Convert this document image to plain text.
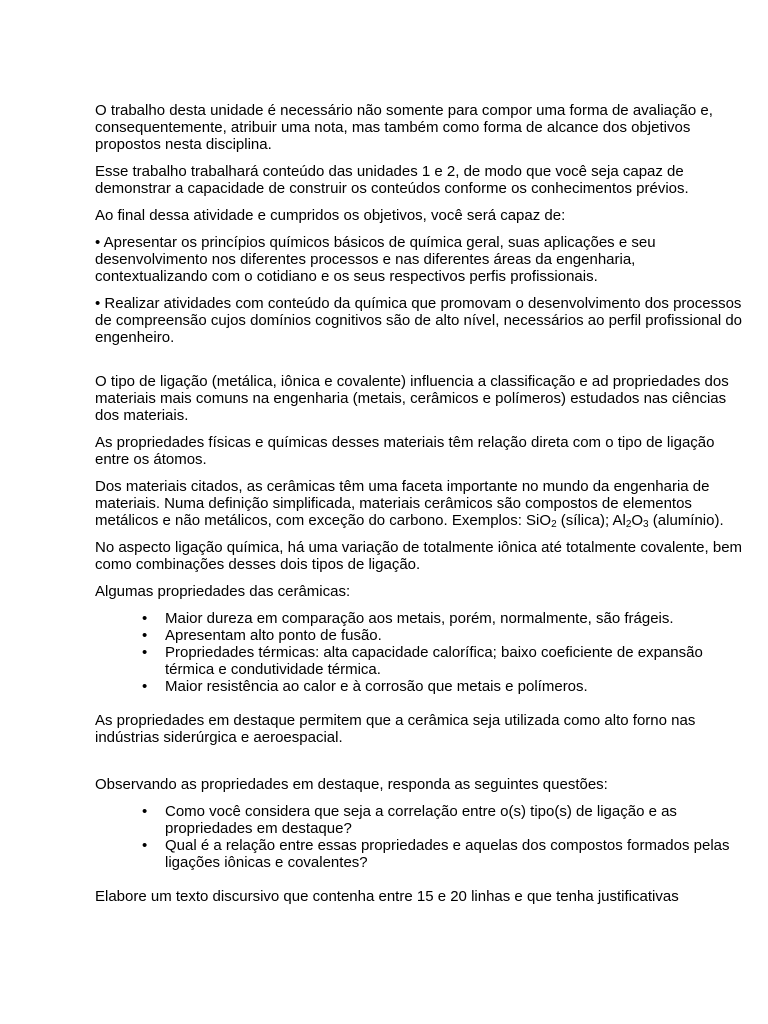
O trabalho desta unidade é necessário não somente para compor uma forma de avaliação e, consequentemente, atribuir uma nota, mas também como forma de alcance dos objetivos propostos nesta disciplina.

Esse trabalho trabalhará conteúdo das unidades 1 e 2, de modo que você seja capaz de demonstrar a capacidade de construir os conteúdos conforme os conhecimentos prévios.

Ao final dessa atividade e cumpridos os objetivos, você será capaz de:

• Apresentar os princípios químicos básicos de química geral, suas aplicações e seu desenvolvimento nos diferentes processos e nas diferentes áreas da engenharia, contextualizando com o cotidiano e os seus respectivos perfis profissionais.

• Realizar atividades com conteúdo da química que promovam o desenvolvimento dos processos de compreensão cujos domínios cognitivos são de alto nível, necessários ao perfil profissional do engenheiro.

O tipo de ligação (metálica, iônica e covalente) influencia a classificação e ad propriedades dos materiais mais comuns na engenharia (metais, cerâmicos e polímeros) estudados nas ciências dos materiais.

As propriedades físicas e químicas desses materiais têm relação direta com o tipo de ligação entre os átomos.

Dos materiais citados, as cerâmicas têm uma faceta importante no mundo da engenharia de materiais. Numa definição simplificada, materiais cerâmicos são compostos de elementos metálicos e não metálicos, com exceção do carbono. Exemplos: SiO$_2$ (sílica); $Al_2O_3$ (alumínio).

No aspecto ligação química, há uma variação de totalmente iônica até totalmente covalente, bem como combinações desses dois tipos de ligação.

Algumas propriedades das cerâmicas:

• Maior dureza em comparação aos metais, porém, normalmente, são frágeis.
• Apresentam alto ponto de fusão.
• Propriedades térmicas: alta capacidade calorífica; baixo coeficiente de expansão térmica e condutividade térmica.
• Maior resistência ao calor e à corrosão que metais e polímeros.

As propriedades em destaque permitem que a cerâmica seja utilizada como alto forno nas indústrias siderúrgica e aeroespacial.

Observando as propriedades em destaque, responda as seguintes questões:

• Como você considera que seja a correlação entre o(s) tipo(s) de ligação e as propriedades em destaque?
• Qual é a relação entre essas propriedades e aquelas dos compostos formados pelas ligações iônicas e covalentes?

Elabore um texto discursivo que contenha entre 15 e 20 linhas e que tenha justificativas
